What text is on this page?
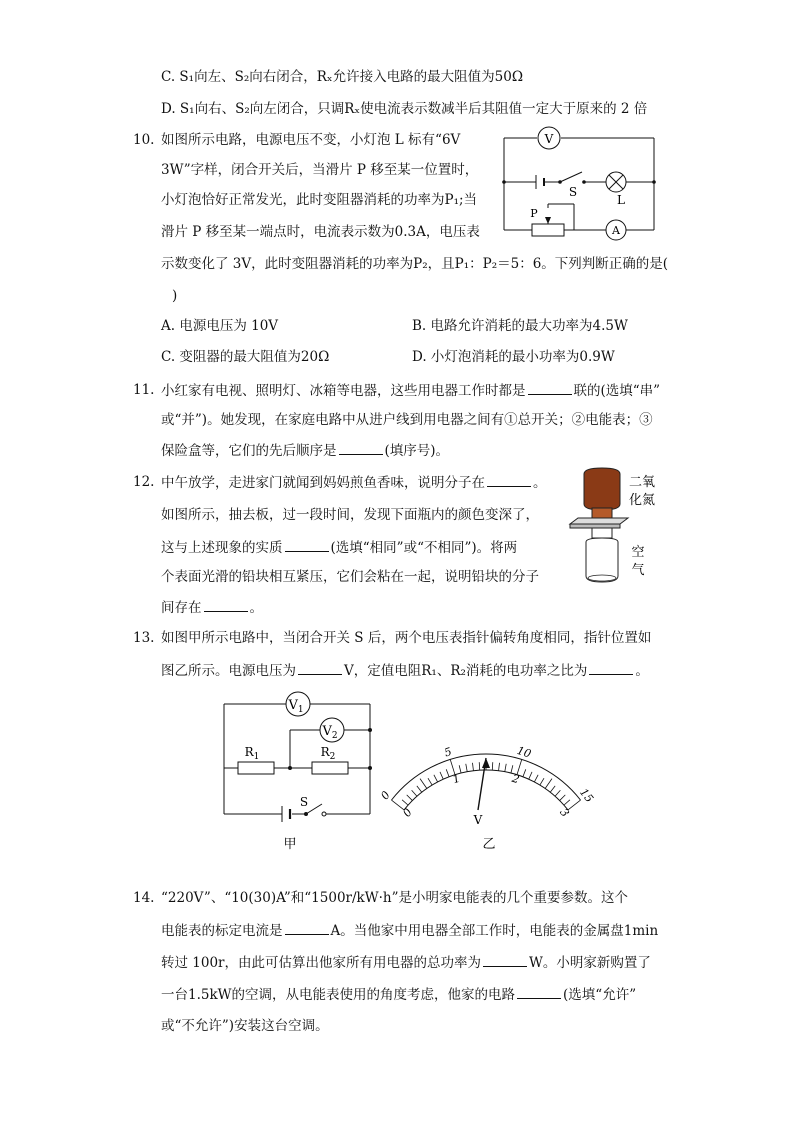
C. S₁向左、S₂向右闭合，Rₓ允许接入电路的最大阻值为50Ω
D. S₁向右、S₂向左闭合，只调Rₓ使电流表示数减半后其阻值一定大于原来的 2 倍
10. 如图所示电路，电源电压不变，小灯泡 L 标有“6V
3W”字样，闭合开关后，当滑片 P 移至某一位置时，
小灯泡恰好正常发光，此时变阻器消耗的功率为P₁;当
滑片 P 移至某一端点时，电流表示数为0.3A，电压表
示数变化了 3V，此时变阻器消耗的功率为P₂，且P₁：P₂＝5：6。下列判断正确的是(
)
A. 电源电压为 10V	B. 电路允许消耗的最大功率为4.5W
C. 变阻器的最大阻值为20Ω	D. 小灯泡消耗的最小功率为0.9W
V
S
L
P
A
11. 小红家有电视、照明灯、冰箱等电器，这些用电器工作时都是	联的(选填“串”
或“并”)。她发现，在家庭电路中从进户线到用电器之间有①总开关；②电能表；③
保险盒等，它们的先后顺序是	(填序号)。
12. 中午放学，走进家门就闻到妈妈煎鱼香味，说明分子在	。
如图所示，抽去板，过一段时间，发现下面瓶内的颜色变深了，
这与上述现象的实质	(选填“相同”或“不相同”)。将两
个表面光滑的铅块相互紧压，它们会粘在一起，说明铅块的分子
间存在	。
二氧
化氮
空
气
13. 如图甲所示电路中，当闭合开关 S 后，两个电压表指针偏转角度相同，指针位置如
图乙所示。电源电压为	V，定值电阻R₁、R₂消耗的电功率之比为	。
$V_1$
$V_2$
$R_1$	$R_2$
S
甲
0
5	10
15
0
1	2
3
V
乙
14. “220V”、“10(30)A”和“1500r/kW·h”是小明家电能表的几个重要参数。这个
电能表的标定电流是	A。当他家中用电器全部工作时，电能表的金属盘1min
转过 100r，由此可估算出他家所有用电器的总功率为	W。小明家新购置了
一台1.5kW的空调，从电能表使用的角度考虑，他家的电路	(选填“允许”
或“不允许”)安装这台空调。
